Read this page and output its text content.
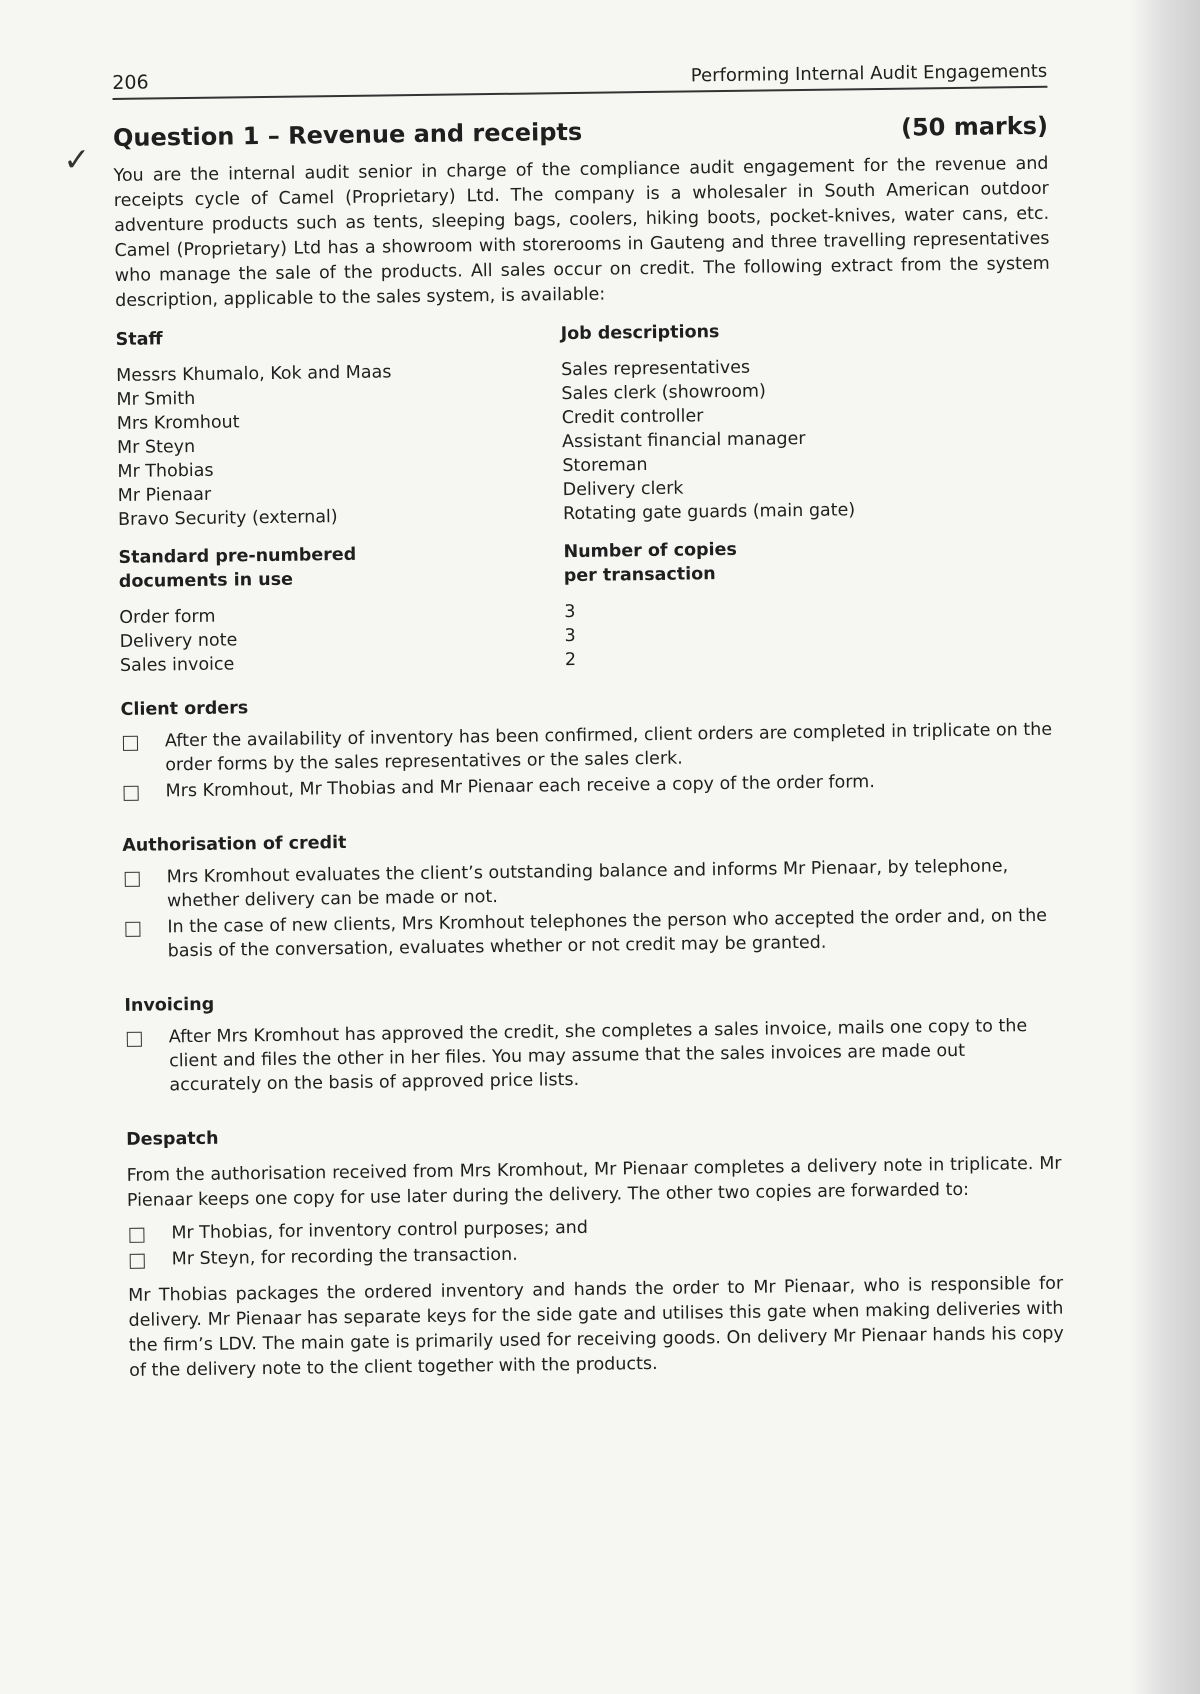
✓
206	Performing Internal Audit Engagements
Question 1 – Revenue and receipts	(50 marks)

You are the internal audit senior in charge of the compliance audit engagement for the revenue and receipts cycle of Camel (Proprietary) Ltd. The company is a wholesaler in South American outdoor adventure products such as tents, sleeping bags, coolers, hiking boots, pocket-knives, water cans, etc. Camel (Proprietary) Ltd has a showroom with storerooms in Gauteng and three travelling representatives who manage the sale of the products. All sales occur on credit. The following extract from the system description, applicable to the sales system, is available:

Staff
Messrs Khumalo, Kok and Maas
Mr Smith
Mrs Kromhout
Mr Steyn
Mr Thobias
Mr Pienaar
Bravo Security (external)
Job descriptions
Sales representatives
Sales clerk (showroom)
Credit controller
Assistant financial manager
Storeman
Delivery clerk
Rotating gate guards (main gate)
Standard pre-numbered documents in use
Order form
Delivery note
Sales invoice
Number of copies per transaction
3
3
2
Client orders
After the availability of inventory has been confirmed, client orders are completed in triplicate on the order forms by the sales representatives or the sales clerk.
Mrs Kromhout, Mr Thobias and Mr Pienaar each receive a copy of the order form.
Authorisation of credit
Mrs Kromhout evaluates the client’s outstanding balance and informs Mr Pienaar, by telephone, whether delivery can be made or not.
In the case of new clients, Mrs Kromhout telephones the person who accepted the order and, on the basis of the conversation, evaluates whether or not credit may be granted.
Invoicing
After Mrs Kromhout has approved the credit, she completes a sales invoice, mails one copy to the client and files the other in her files. You may assume that the sales invoices are made out accurately on the basis of approved price lists.
Despatch

From the authorisation received from Mrs Kromhout, Mr Pienaar completes a delivery note in triplicate. Mr Pienaar keeps one copy for use later during the delivery. The other two copies are forwarded to:

Mr Thobias, for inventory control purposes; and
Mr Steyn, for recording the transaction.

Mr Thobias packages the ordered inventory and hands the order to Mr Pienaar, who is responsible for delivery. Mr Pienaar has separate keys for the side gate and utilises this gate when making deliveries with the firm’s LDV. The main gate is primarily used for receiving goods. On delivery Mr Pienaar hands his copy of the delivery note to the client together with the products.
